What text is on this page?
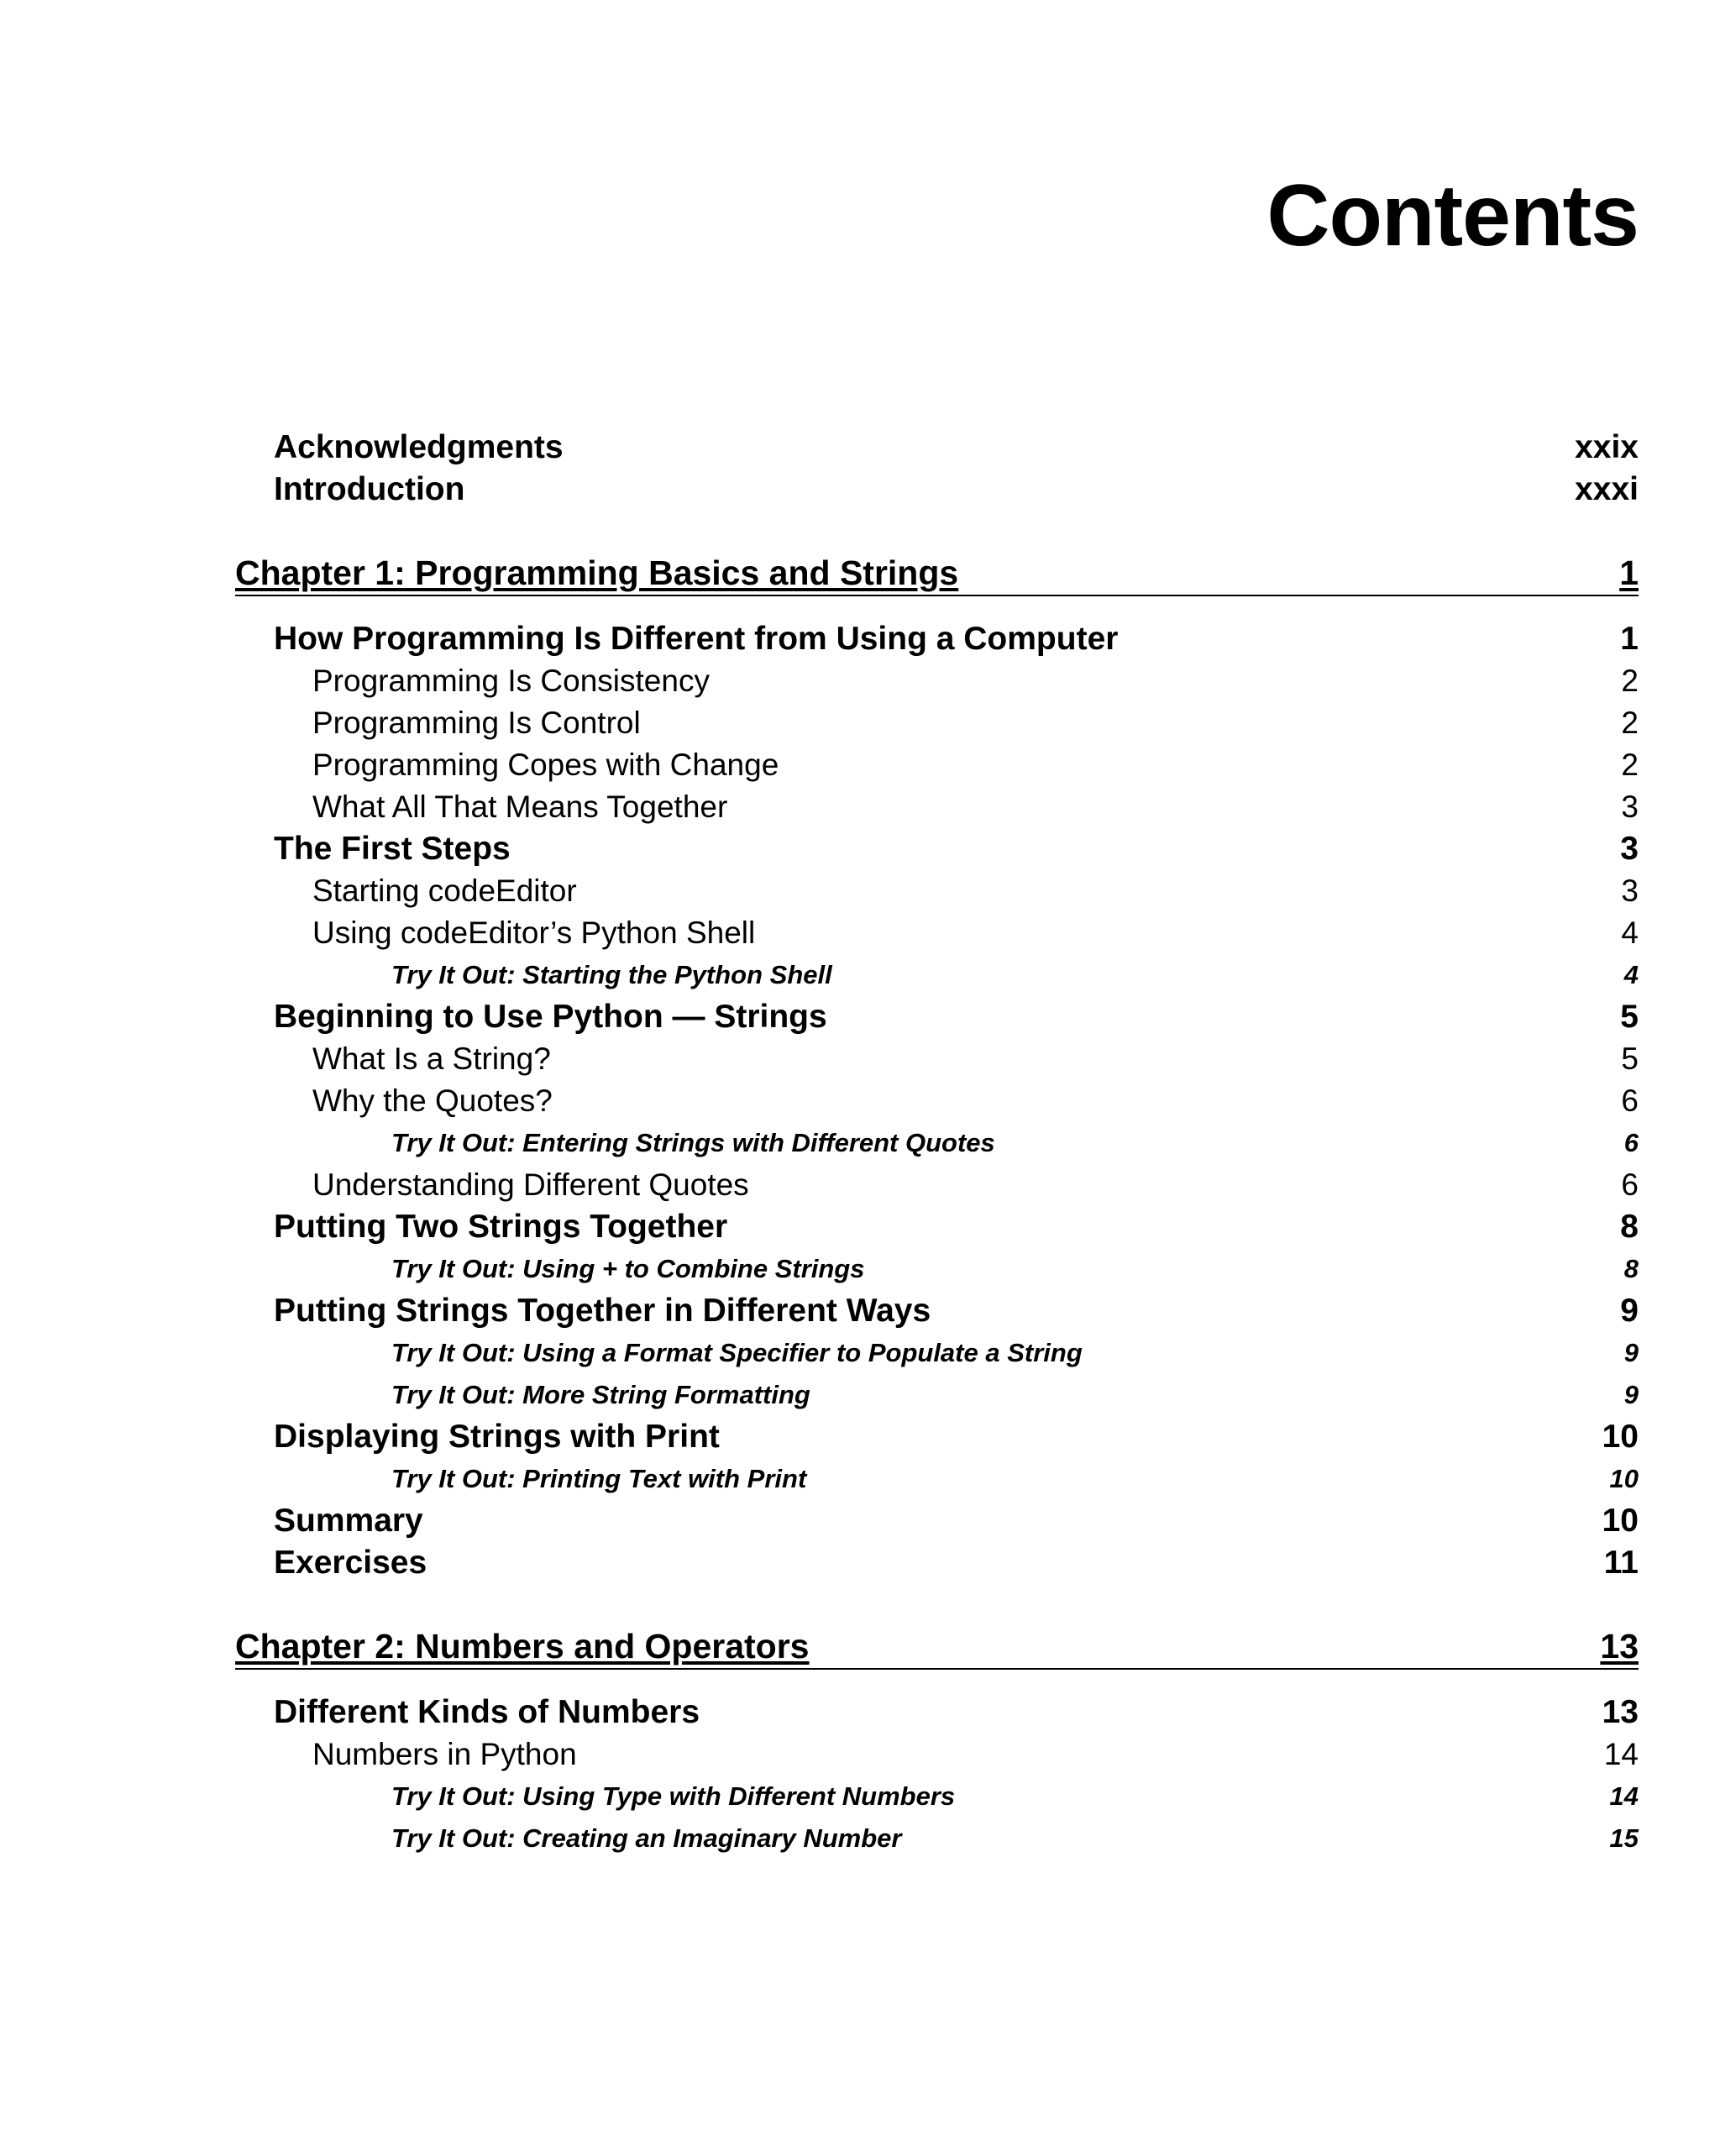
Contents
Acknowledgments	xxix
Introduction	xxxi
Chapter 1: Programming Basics and Strings	1
How Programming Is Different from Using a Computer	1
Programming Is Consistency	2
Programming Is Control	2
Programming Copes with Change	2
What All That Means Together	3
The First Steps	3
Starting codeEditor	3
Using codeEditor’s Python Shell	4
Try It Out: Starting the Python Shell	4
Beginning to Use Python — Strings	5
What Is a String?	5
Why the Quotes?	6
Try It Out: Entering Strings with Different Quotes	6
Understanding Different Quotes	6
Putting Two Strings Together	8
Try It Out: Using + to Combine Strings	8
Putting Strings Together in Different Ways	9
Try It Out: Using a Format Specifier to Populate a String	9
Try It Out: More String Formatting	9
Displaying Strings with Print	10
Try It Out: Printing Text with Print	10
Summary	10
Exercises	11
Chapter 2: Numbers and Operators	13
Different Kinds of Numbers	13
Numbers in Python	14
Try It Out: Using Type with Different Numbers	14
Try It Out: Creating an Imaginary Number	15
